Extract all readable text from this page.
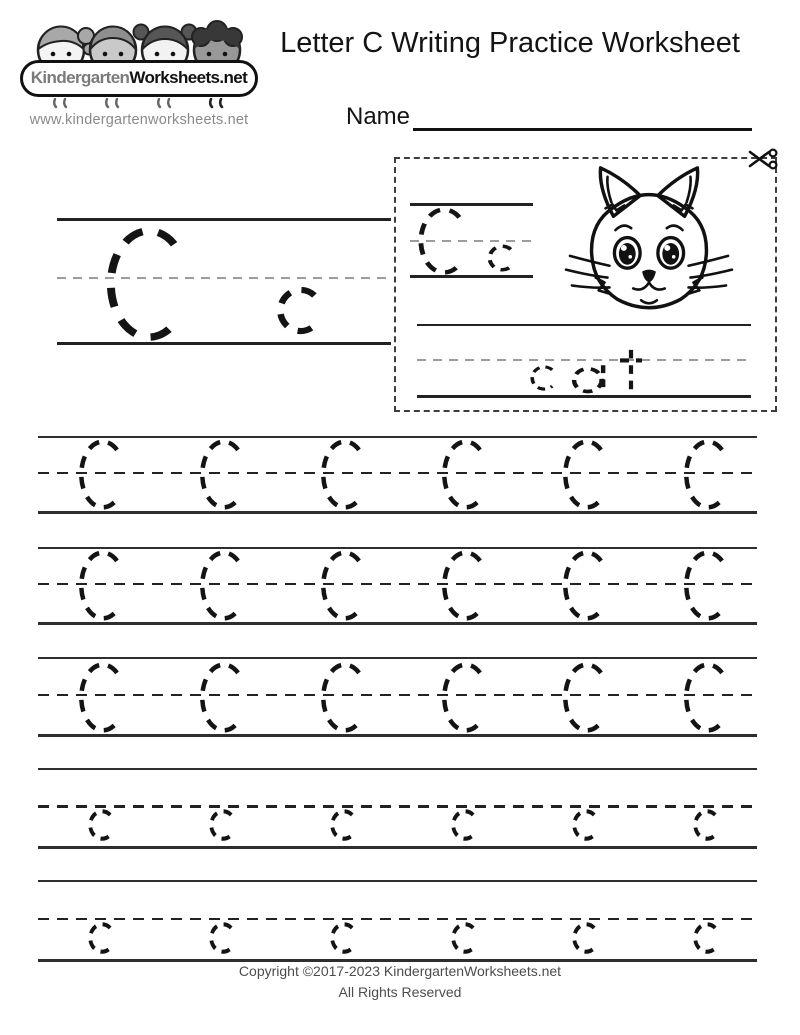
KindergartenWorksheets.net
www.kindergartenworksheets.net
Letter C Writing Practice Worksheet
Name
Copyright ©2017-2023 KindergartenWorksheets.net
All Rights Reserved
